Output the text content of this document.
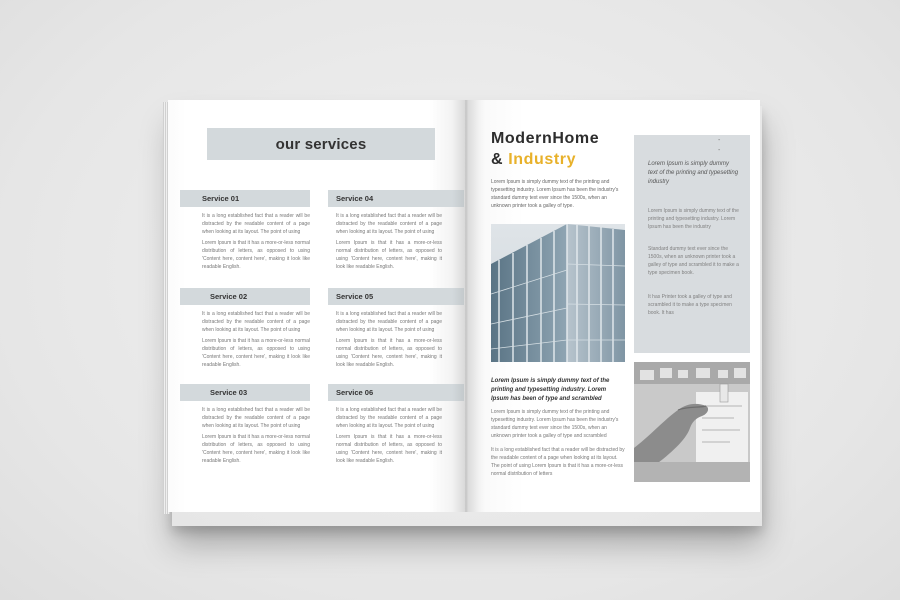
our services
Service 01

It is a long established fact that a reader will be distracted by the readable content of a page when looking at its layout. The point of using

Lorem Ipsum is that it has a more-or-less normal distribution of letters, as opposed to using 'Content here, content here', making it look like readable English.

Service 02

It is a long established fact that a reader will be distracted by the readable content of a page when looking at its layout. The point of using

Lorem Ipsum is that it has a more-or-less normal distribution of letters, as opposed to using 'Content here, content here', making it look like readable English.

Service 03

It is a long established fact that a reader will be distracted by the readable content of a page when looking at its layout. The point of using

Lorem Ipsum is that it has a more-or-less normal distribution of letters, as opposed to using 'Content here, content here', making it look like readable English.

Service 04

It is a long established fact that a reader will be distracted by the readable content of a page when looking at its layout. The point of using

Lorem Ipsum is that it has a more-or-less normal distribution of letters, as opposed to using 'Content here, content here', making it look like readable English.

Service 05

It is a long established fact that a reader will be distracted by the readable content of a page when looking at its layout. The point of using

Lorem Ipsum is that it has a more-or-less normal distribution of letters, as opposed to using 'Content here, content here', making it look like readable English.

Service 06

It is a long established fact that a reader will be distracted by the readable content of a page when looking at its layout. The point of using

Lorem Ipsum is that it has a more-or-less normal distribution of letters, as opposed to using 'Content here, content here', making it look like readable English.

ModernHome
& Industry
Lorem Ipsum is simply dummy text of the printing and typesetting industry. Lorem Ipsum has been the industry's standard dummy text ever since the 1500s, when an unknown printer took a galley of type.
Lorem Ipsum is simply dummy text of the printing and typesetting industry. Lorem Ipsum has been of type and scrambled
Lorem Ipsum is simply dummy text of the printing and typesetting industry. Lorem Ipsum has been the industry's standard dummy text ever since the 1500s, when an unknown printer took a galley of type and scrambled
It is a long established fact that a reader will be distracted by the readable content of a page when looking at its layout. The point of using Lorem Ipsum is that it has a more-or-less normal distribution of letters
-
-
Lorem Ipsum is simply dummy text of the printing and typesetting industry
Lorem Ipsum is simply dummy text of the printing and typesetting industry. Lorem Ipsum has been the industry
Standard dummy text ever since the 1500s, when an unknown printer took a galley of type and scrambled it to make a type specimen book.
It has Printer took a galley of type and scrambled it to make a type specimen book. It has
